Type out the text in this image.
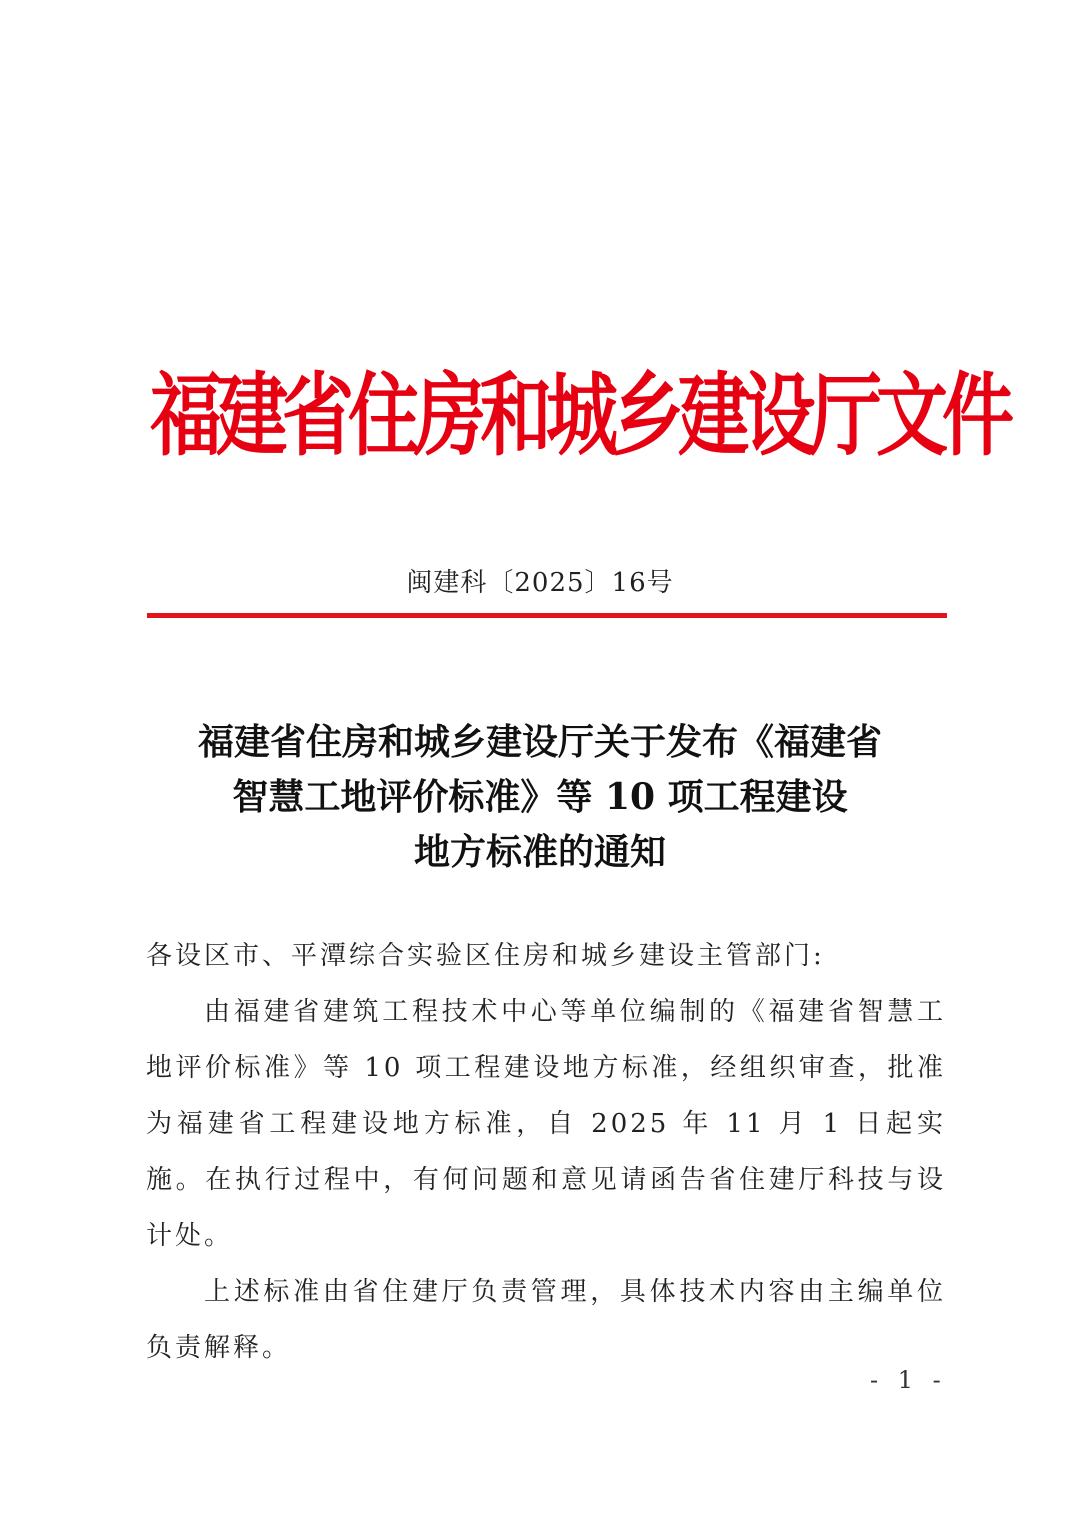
福建省住房和城乡建设厅文件
闽建科〔2025〕16号
福建省住房和城乡建设厅关于发布《福建省
智慧工地评价标准》等 10 项工程建设
地方标准的通知

各设区市、平潭综合实验区住房和城乡建设主管部门:

由福建省建筑工程技术中心等单位编制的《福建省智慧工地评价标准》等 10 项工程建设地方标准，经组织审查，批准为福建省工程建设地方标准，自 2025 年 11 月 1 日起实施。在执行过程中，有何问题和意见请函告省住建厅科技与设计处。

上述标准由省住建厅负责管理，具体技术内容由主编单位负责解释。

- 1 -
